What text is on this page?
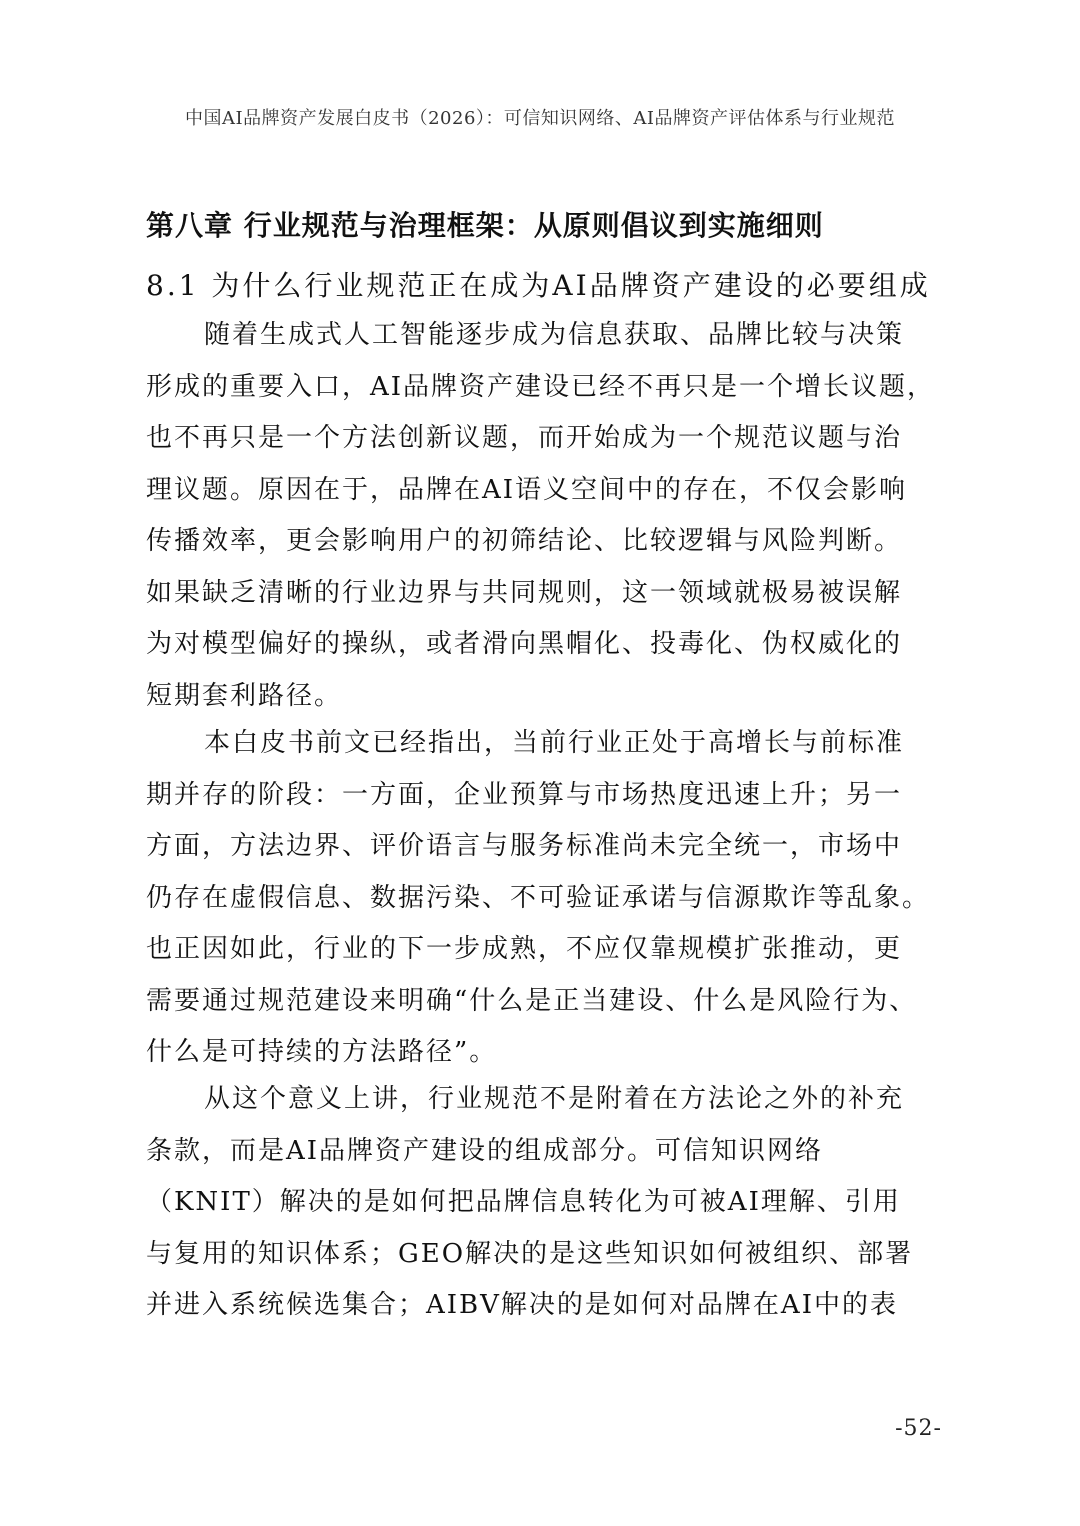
中国AI品牌资产发展白皮书（2026）：可信知识网络、AI品牌资产评估体系与行业规范
第八章 行业规范与治理框架：从原则倡议到实施细则
8.1 为什么行业规范正在成为AI品牌资产建设的必要组成
随着生成式人工智能逐步成为信息获取、品牌比较与决策
形成的重要入口，AI品牌资产建设已经不再只是一个增长议题，
也不再只是一个方法创新议题，而开始成为一个规范议题与治
理议题。原因在于，品牌在AI语义空间中的存在，不仅会影响
传播效率，更会影响用户的初筛结论、比较逻辑与风险判断。
如果缺乏清晰的行业边界与共同规则，这一领域就极易被误解
为对模型偏好的操纵，或者滑向黑帽化、投毒化、伪权威化的
短期套利路径。
本白皮书前文已经指出，当前行业正处于高增长与前标准
期并存的阶段：一方面，企业预算与市场热度迅速上升；另一
方面，方法边界、评价语言与服务标准尚未完全统一，市场中
仍存在虚假信息、数据污染、不可验证承诺与信源欺诈等乱象。
也正因如此，行业的下一步成熟，不应仅靠规模扩张推动，更
需要通过规范建设来明确“什么是正当建设、什么是风险行为、
什么是可持续的方法路径”。
从这个意义上讲，行业规范不是附着在方法论之外的补充
条款，而是AI品牌资产建设的组成部分。可信知识网络
（KNIT）解决的是如何把品牌信息转化为可被AI理解、引用
与复用的知识体系；GEO解决的是这些知识如何被组织、部署
并进入系统候选集合；AIBV解决的是如何对品牌在AI中的表
-52-
